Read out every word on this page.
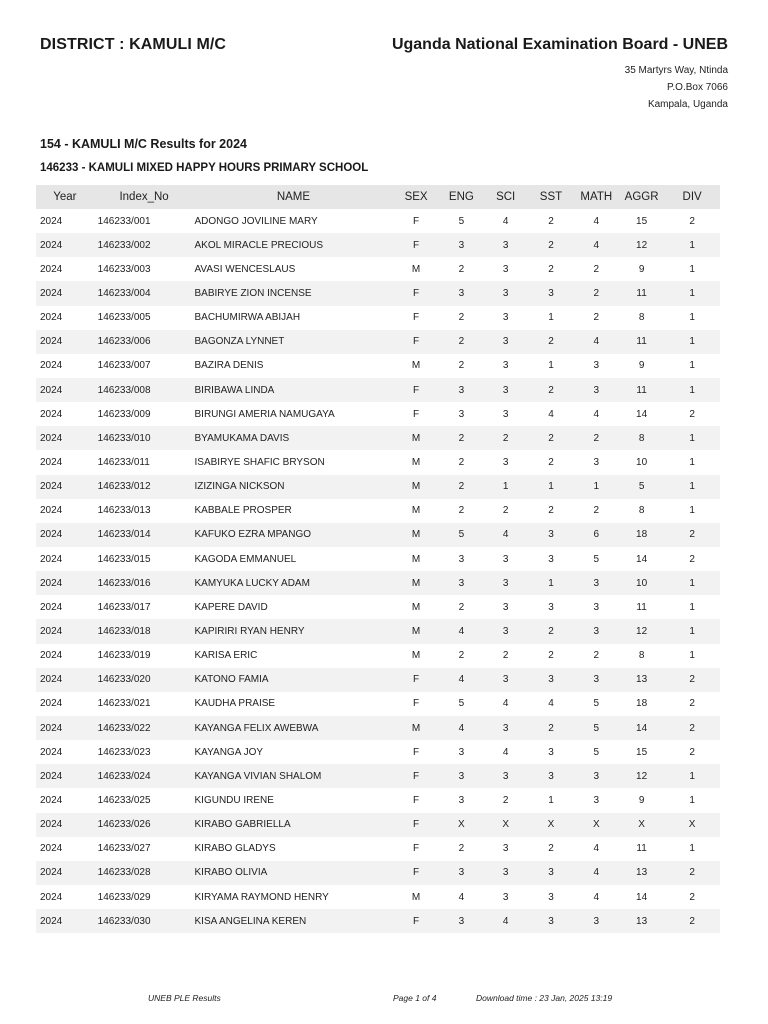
DISTRICT : KAMULI M/C	Uganda National Examination Board - UNEB
35 Martyrs Way, Ntinda
P.O.Box 7066
Kampala, Uganda
154 - KAMULI M/C Results for 2024
146233 - KAMULI MIXED HAPPY HOURS PRIMARY SCHOOL
Year	Index_No	NAME	SEX	ENG	SCI	SST	MATH	AGGR	DIV
2024	146233/001	ADONGO JOVILINE MARY	F	5	4	2	4	15	2
2024	146233/002	AKOL MIRACLE PRECIOUS	F	3	3	2	4	12	1
2024	146233/003	AVASI WENCESLAUS	M	2	3	2	2	9	1
2024	146233/004	BABIRYE ZION INCENSE	F	3	3	3	2	11	1
2024	146233/005	BACHUMIRWA ABIJAH	F	2	3	1	2	8	1
2024	146233/006	BAGONZA LYNNET	F	2	3	2	4	11	1
2024	146233/007	BAZIRA DENIS	M	2	3	1	3	9	1
2024	146233/008	BIRIBAWA LINDA	F	3	3	2	3	11	1
2024	146233/009	BIRUNGI AMERIA NAMUGAYA	F	3	3	4	4	14	2
2024	146233/010	BYAMUKAMA DAVIS	M	2	2	2	2	8	1
2024	146233/011	ISABIRYE SHAFIC BRYSON	M	2	3	2	3	10	1
2024	146233/012	IZIZINGA NICKSON	M	2	1	1	1	5	1
2024	146233/013	KABBALE PROSPER	M	2	2	2	2	8	1
2024	146233/014	KAFUKO EZRA MPANGO	M	5	4	3	6	18	2
2024	146233/015	KAGODA EMMANUEL	M	3	3	3	5	14	2
2024	146233/016	KAMYUKA LUCKY ADAM	M	3	3	1	3	10	1
2024	146233/017	KAPERE DAVID	M	2	3	3	3	11	1
2024	146233/018	KAPIRIRI RYAN HENRY	M	4	3	2	3	12	1
2024	146233/019	KARISA ERIC	M	2	2	2	2	8	1
2024	146233/020	KATONO FAMIA	F	4	3	3	3	13	2
2024	146233/021	KAUDHA PRAISE	F	5	4	4	5	18	2
2024	146233/022	KAYANGA FELIX AWEBWA	M	4	3	2	5	14	2
2024	146233/023	KAYANGA JOY	F	3	4	3	5	15	2
2024	146233/024	KAYANGA VIVIAN SHALOM	F	3	3	3	3	12	1
2024	146233/025	KIGUNDU IRENE	F	3	2	1	3	9	1
2024	146233/026	KIRABO GABRIELLA	F	X	X	X	X	X	X
2024	146233/027	KIRABO GLADYS	F	2	3	2	4	11	1
2024	146233/028	KIRABO OLIVIA	F	3	3	3	4	13	2
2024	146233/029	KIRYAMA RAYMOND HENRY	M	4	3	3	4	14	2
2024	146233/030	KISA ANGELINA KEREN	F	3	4	3	3	13	2
UNEB PLE Results	Page 1 of 4	Download time : 23 Jan, 2025 13:19
